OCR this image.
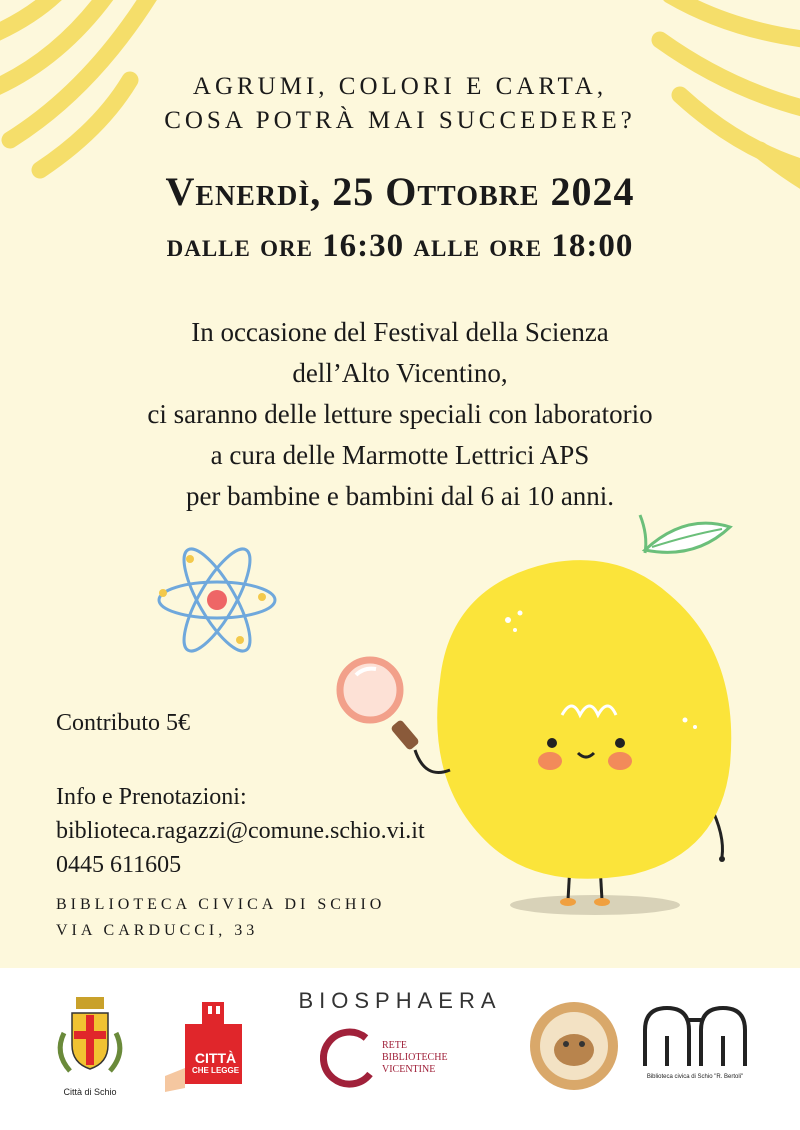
AGRUMI, COLORI E CARTA,
COSA POTRÀ MAI SUCCEDERE?
Venerdì, 25 Ottobre 2024
dalle ore 16:30 alle ore 18:00
In occasione del Festival della Scienza
dell’Alto Vicentino,
ci saranno delle letture speciali con laboratorio
a cura delle Marmotte Lettrici APS
per bambine e bambini dal 6 ai 10 anni.
Contributo 5€
Info e Prenotazioni:
biblioteca.ragazzi@comune.schio.vi.it
0445 611605
BIBLIOTECA CIVICA DI SCHIO
VIA CARDUCCI, 33
Città di Schio
CITTÀ
CHE LEGGE
BIOSPHAERA
RETE
BIBLIOTECHE
VICENTINE
Biblioteca civica di Schio "R. Bertoli"
